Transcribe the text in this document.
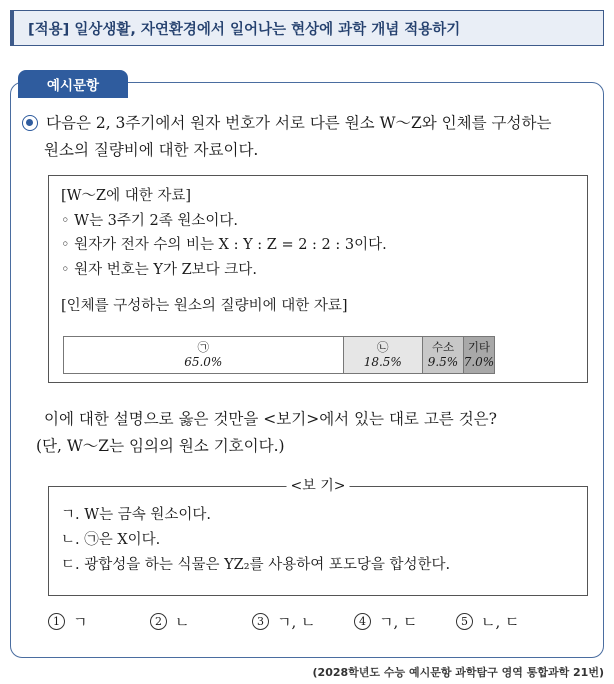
[적용] 일상생활, 자연환경에서 일어나는 현상에 과학 개념 적용하기
예시문항
다음은 2, 3주기에서 원자 번호가 서로 다른 원소 W～Z와 인체를 구성하는
원소의 질량비에 대한 자료이다.
[W～Z에 대한 자료]
◦ W는 3주기 2족 원소이다.
◦ 원자가 전자 수의 비는 X : Y : Z = 2 : 2 : 3이다.
◦ 원자 번호는 Y가 Z보다 크다.
[인체를 구성하는 원소의 질량비에 대한 자료]
㉠
65.0%
㉡
18.5%
수소
9.5%
기타
7.0%
이에 대한 설명으로 옳은 것만을 <보기>에서 있는 대로 고른 것은?
(단, W～Z는 임의의 원소 기호이다.)
<보 기>
ㄱ. W는 금속 원소이다.
ㄴ. ㉠은 X이다.
ㄷ. 광합성을 하는 식물은 YZ₂를 사용하여 포도당을 합성한다.
1 ㄱ	2 ㄴ	3 ㄱ, ㄴ	4 ㄱ, ㄷ	5 ㄴ, ㄷ
(2028학년도 수능 예시문항 과학탐구 영역 통합과학 21번)
